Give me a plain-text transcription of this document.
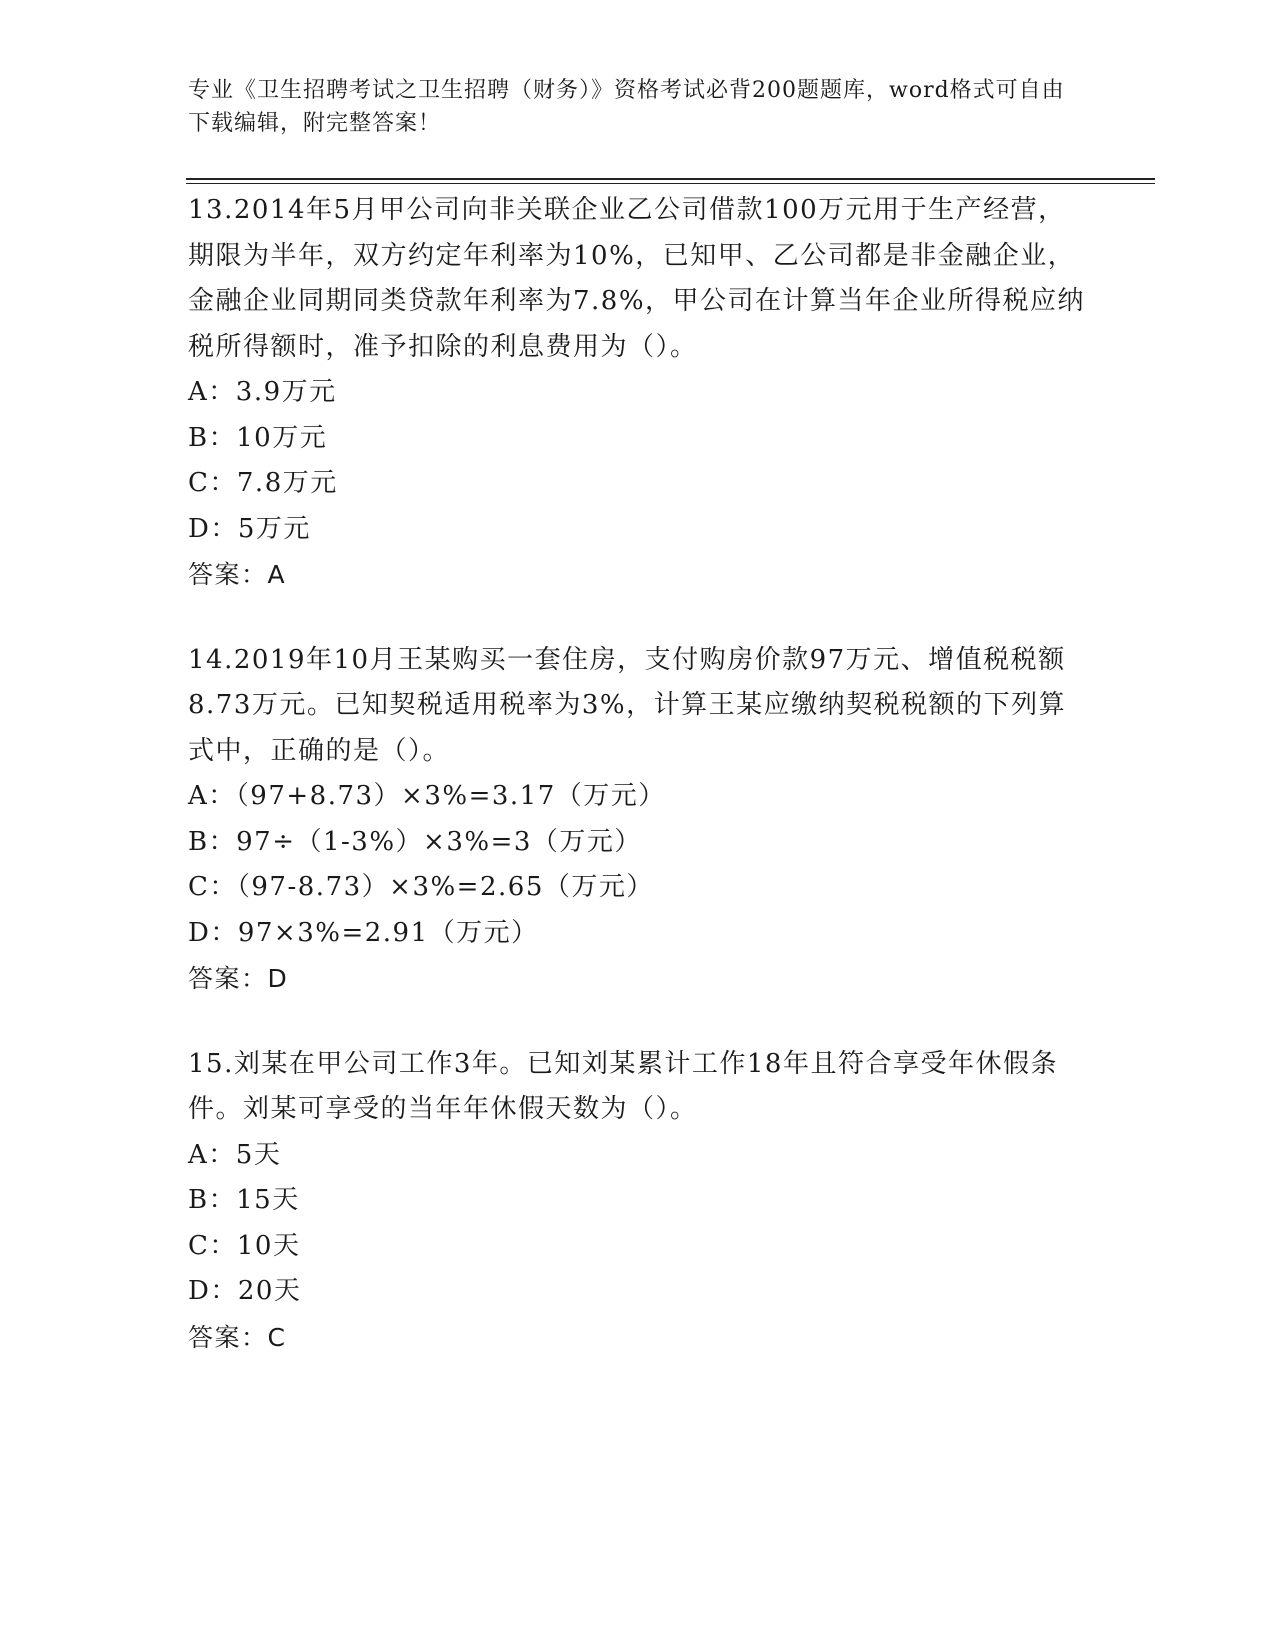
专业《卫生招聘考试之卫生招聘（财务）》资格考试必背200题题库，word格式可自由下载编辑，附完整答案！
13.2014年5月甲公司向非关联企业乙公司借款100万元用于生产经营，期限为半年，双方约定年利率为10%，已知甲、乙公司都是非金融企业，金融企业同期同类贷款年利率为7.8%，甲公司在计算当年企业所得税应纳税所得额时，准予扣除的利息费用为（）。
A：3.9万元
B：10万元
C：7.8万元
D：5万元
答案：A
14.2019年10月王某购买一套住房，支付购房价款97万元、增值税税额8.73万元。已知契税适用税率为3%，计算王某应缴纳契税税额的下列算式中，正确的是（）。
A：（97+8.73）×3%=3.17（万元）
B：97÷（1-3%）×3%=3（万元）
C：（97-8.73）×3%=2.65（万元）
D：97×3%=2.91（万元）
答案：D
15.刘某在甲公司工作3年。已知刘某累计工作18年且符合享受年休假条件。刘某可享受的当年年休假天数为（）。
A：5天
B：15天
C：10天
D：20天
答案：C
